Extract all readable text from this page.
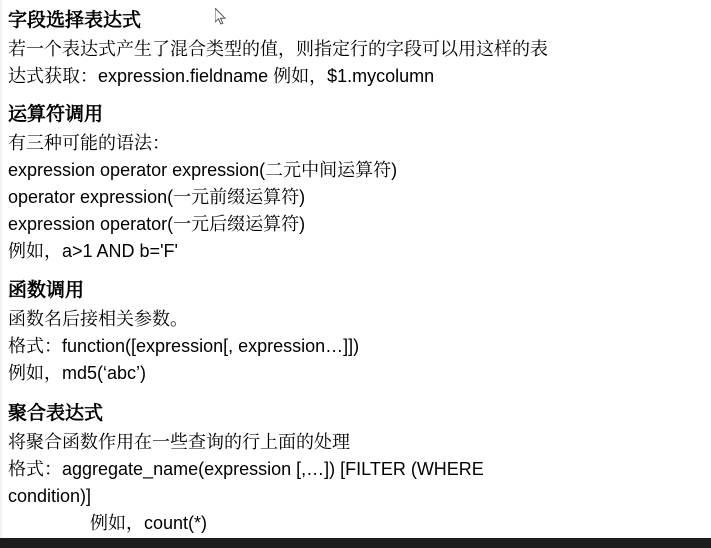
字段选择表达式
若一个表达式产生了混合类型的值，则指定行的字段可以用这样的表
达式获取：expression.fieldname 例如，$1.mycolumn
运算符调用
有三种可能的语法：
expression operator expression(二元中间运算符)
operator expression(一元前缀运算符)
expression operator(一元后缀运算符)
例如，a>1 AND b='F'
函数调用
函数名后接相关参数。
格式：function([expression[, expression…]])
例如，md5(‘abc’)
聚合表达式
将聚合函数作用在一些查询的行上面的处理
格式：aggregate_name(expression [,…]) [FILTER (WHERE
condition)]
例如，count(*)
